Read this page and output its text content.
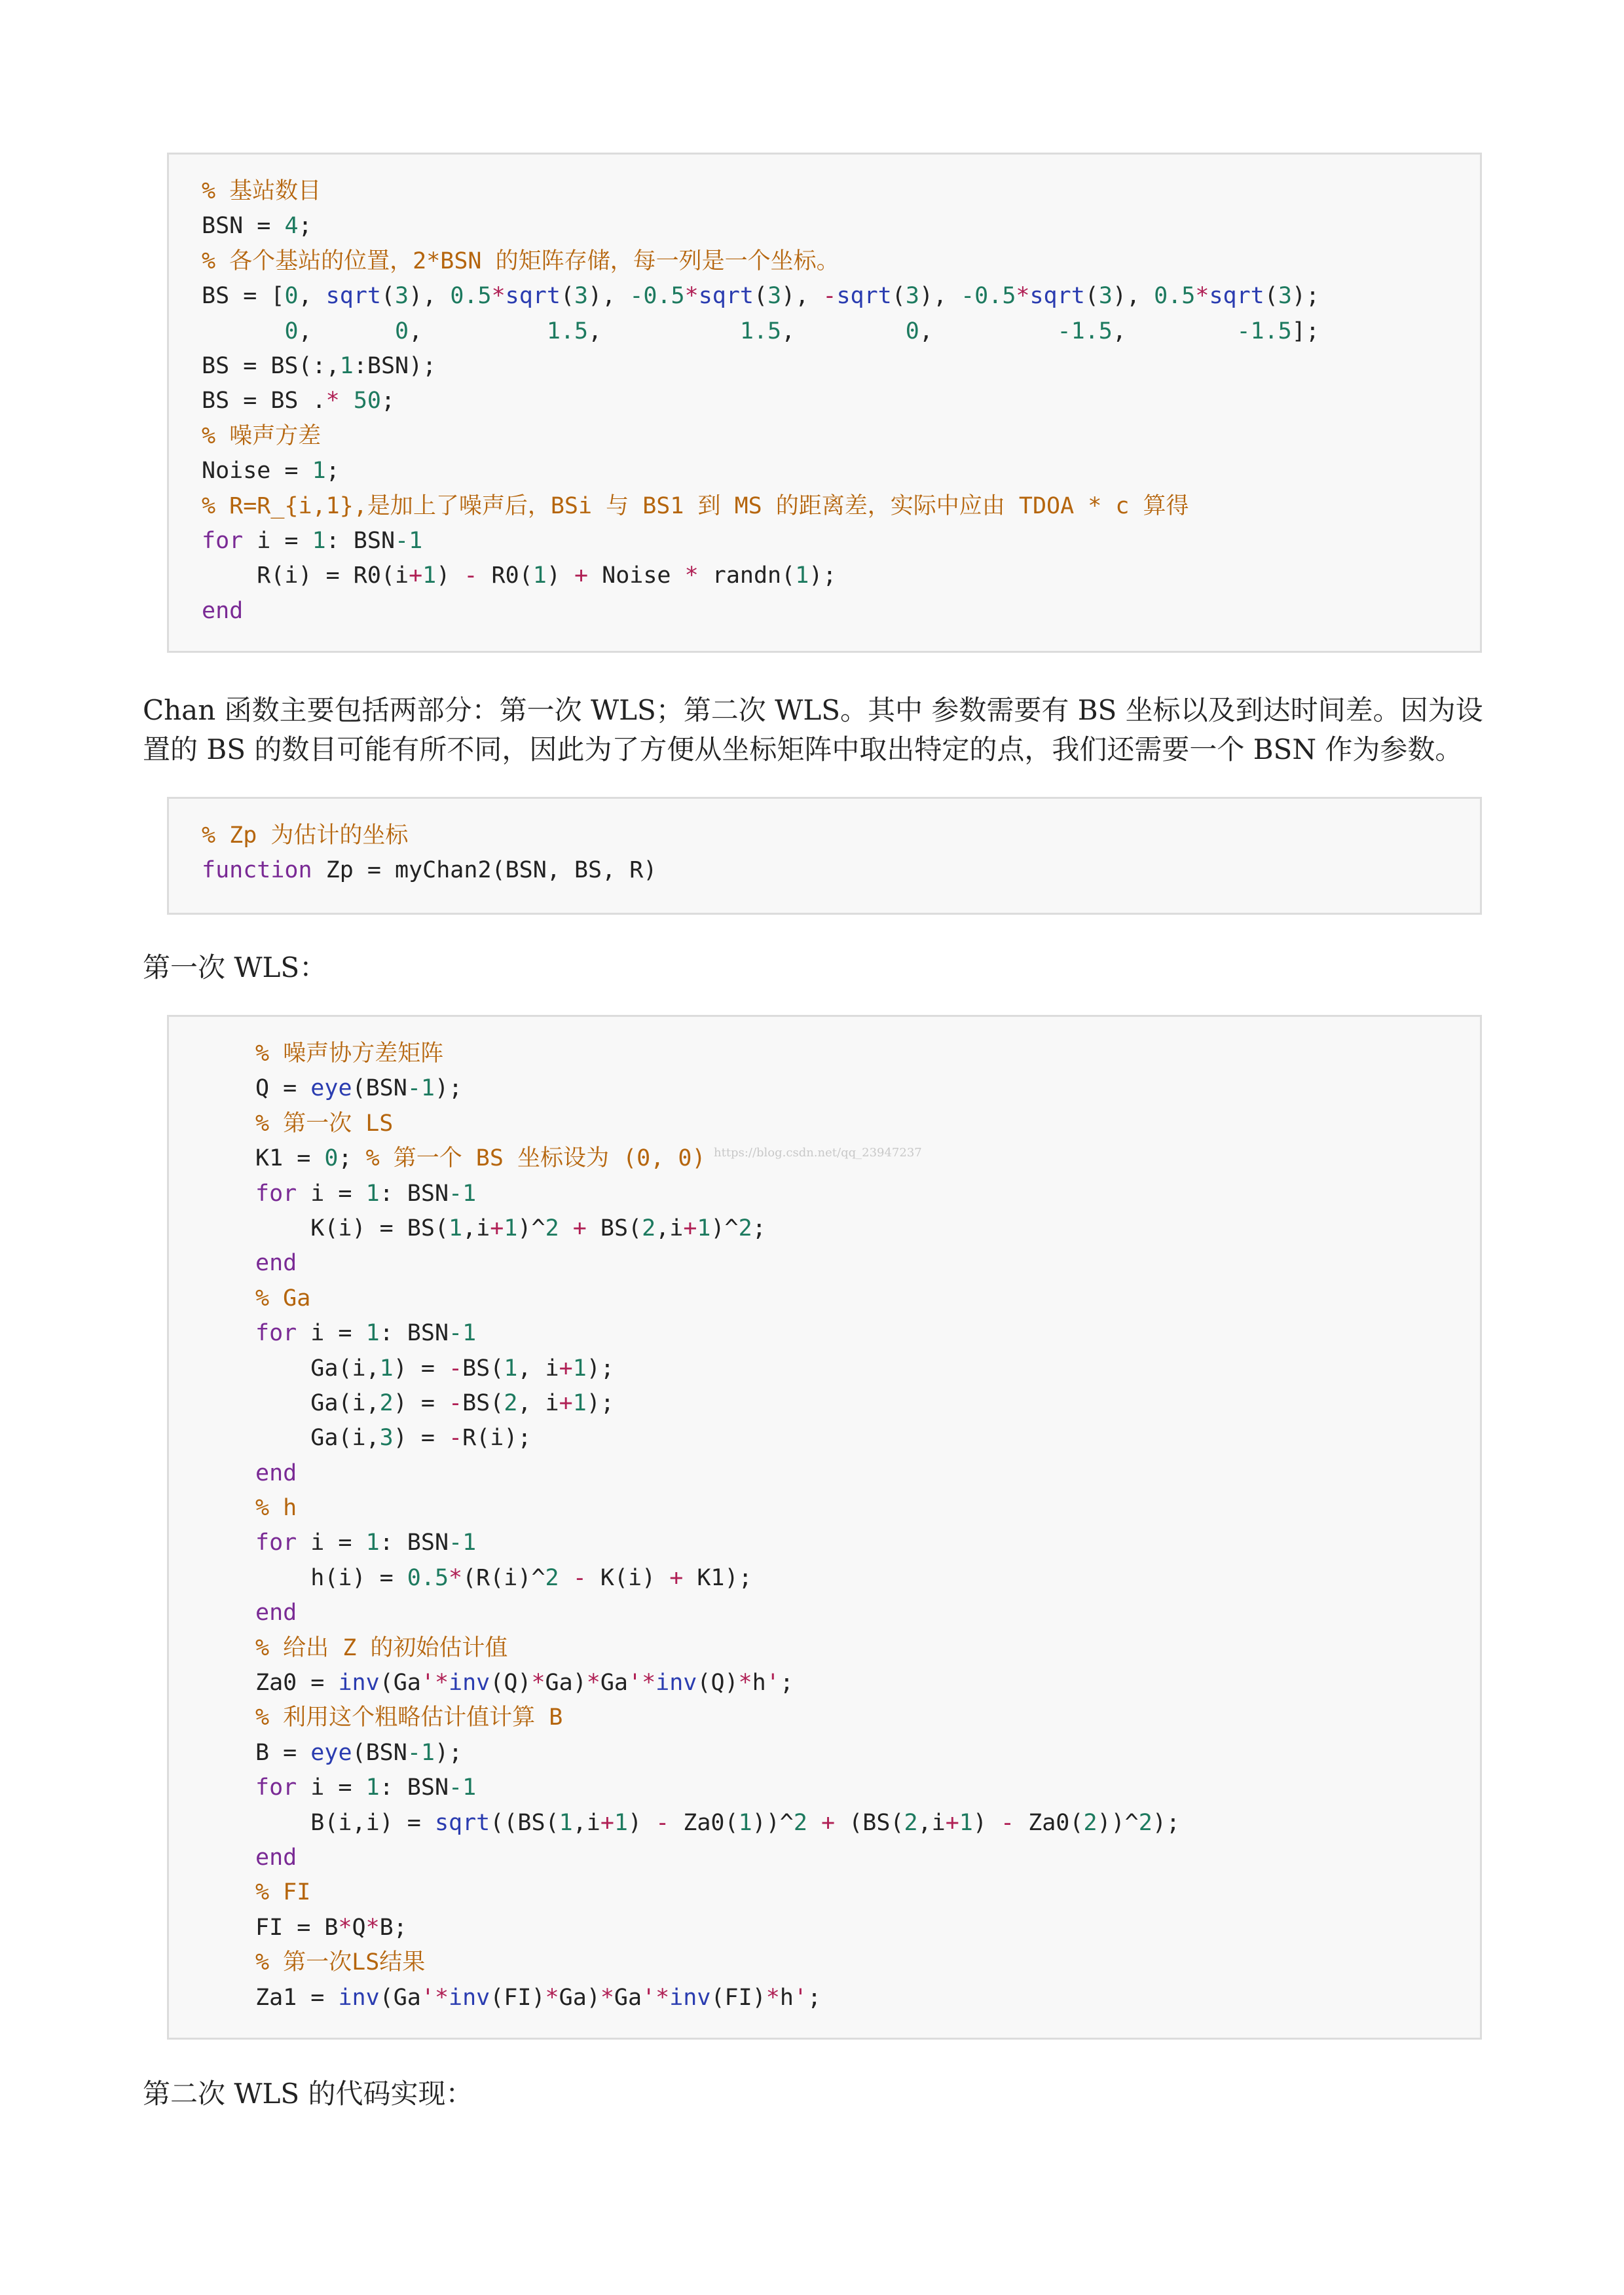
% 基站数目
BSN = 4;
% 各个基站的位置，2*BSN 的矩阵存储，每一列是一个坐标。
BS = [0, sqrt(3), 0.5*sqrt(3), -0.5*sqrt(3), -sqrt(3), -0.5*sqrt(3), 0.5*sqrt(3);
0,      0,         1.5,          1.5,        0,         -1.5,        -1.5];
BS = BS(:,1:BSN);
BS = BS .* 50;
% 噪声方差
Noise = 1;
% R=R_{i,1},是加上了噪声后，BSi 与 BS1 到 MS 的距离差，实际中应由 TDOA * c 算得
for i = 1: BSN-1
R(i) = R0(i+1) - R0(1) + Noise * randn(1);
end
Chan 函数主要包括两部分：第一次 WLS；第二次 WLS。其中 参数需要有 BS 坐标以及到达时间差。因为设置的 BS 的数目可能有所不同，因此为了方便从坐标矩阵中取出特定的点，我们还需要一个 BSN 作为参数。
% Zp 为估计的坐标
function Zp = myChan2(BSN, BS, R)
第一次 WLS：
% 噪声协方差矩阵
Q = eye(BSN-1);
% 第一次 LS
K1 = 0; % 第一个 BS 坐标设为 (0, 0)
for i = 1: BSN-1
K(i) = BS(1,i+1)^2 + BS(2,i+1)^2;
end
% Ga
for i = 1: BSN-1
Ga(i,1) = -BS(1, i+1);
Ga(i,2) = -BS(2, i+1);
Ga(i,3) = -R(i);
end
% h
for i = 1: BSN-1
h(i) = 0.5*(R(i)^2 - K(i) + K1);
end
% 给出 Z 的初始估计值
Za0 = inv(Ga'*inv(Q)*Ga)*Ga'*inv(Q)*h';
% 利用这个粗略估计值计算 B
B = eye(BSN-1);
for i = 1: BSN-1
B(i,i) = sqrt((BS(1,i+1) - Za0(1))^2 + (BS(2,i+1) - Za0(2))^2);
end
% FI
FI = B*Q*B;
% 第一次LS结果
Za1 = inv(Ga'*inv(FI)*Ga)*Ga'*inv(FI)*h';
https://blog.csdn.net/qq_23947237
第二次 WLS 的代码实现：
